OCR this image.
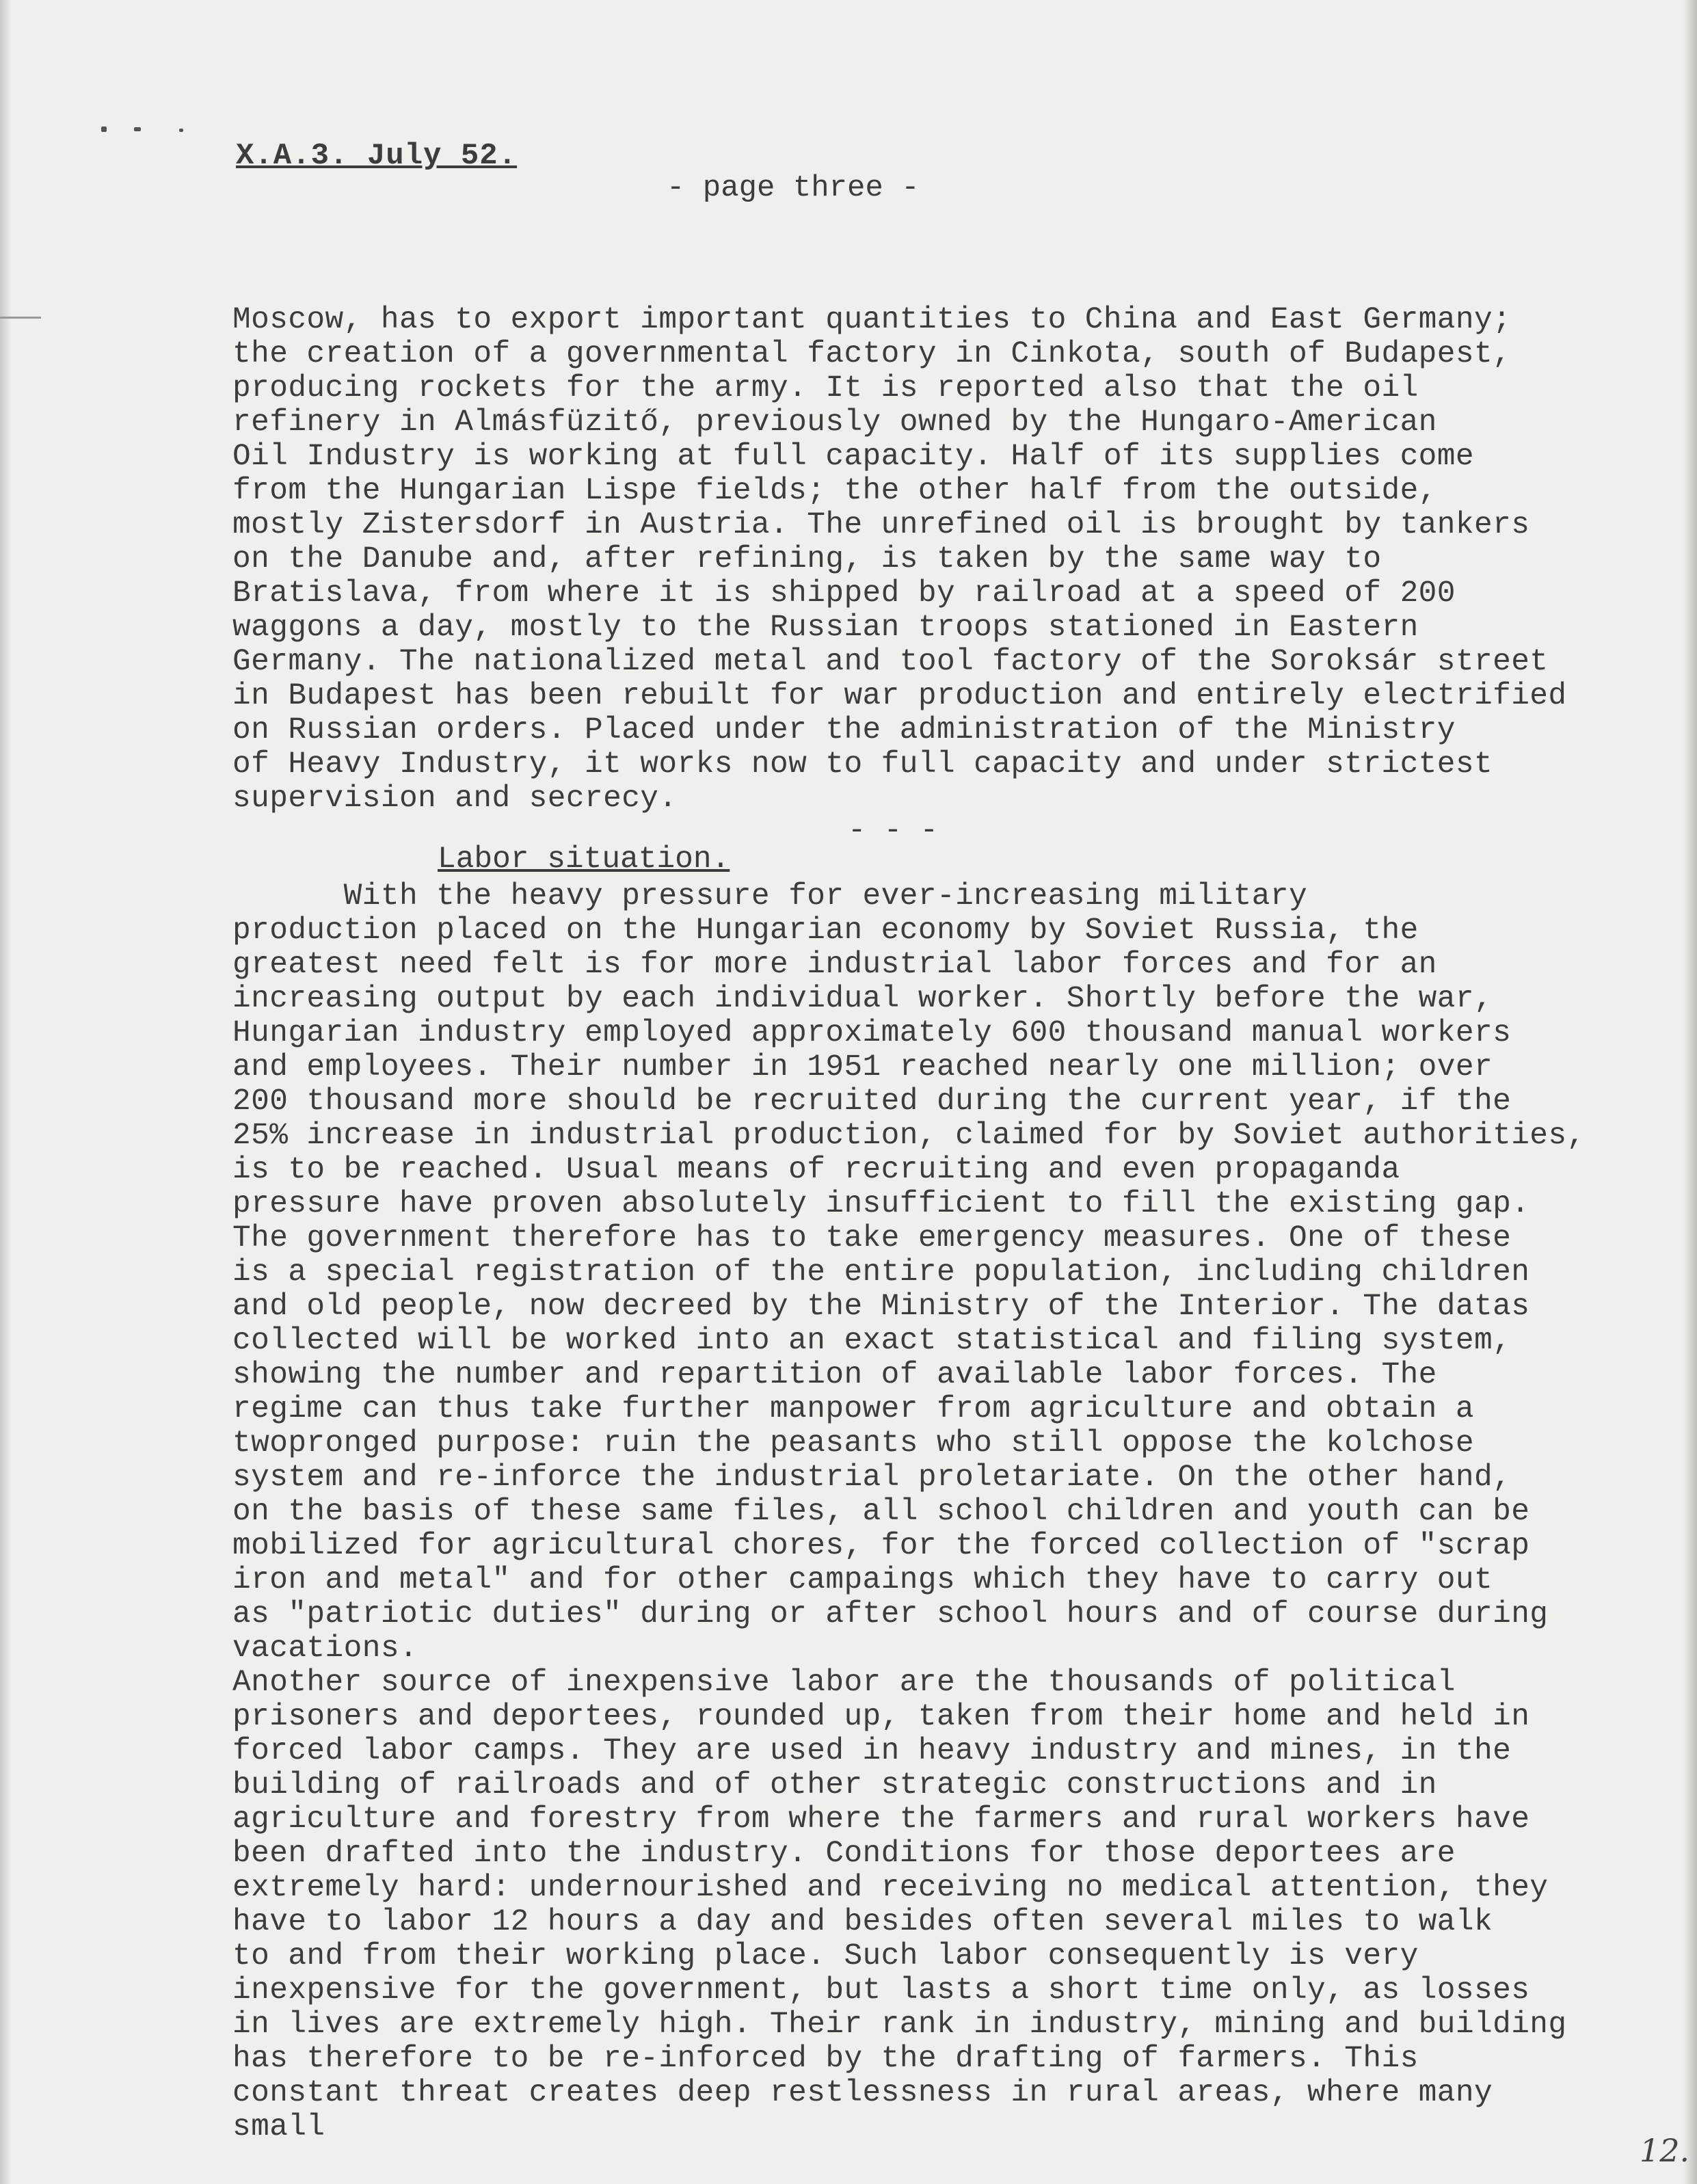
X.A.3. July 52.
- page three -
Moscow, has to export important quantities to China and East Germany;
the creation of a governmental factory in Cinkota, south of Budapest,
producing rockets for the army. It is reported also that the oil
refinery in Almásfüzitő, previously owned by the Hungaro-American
Oil Industry is working at full capacity. Half of its supplies come
from the Hungarian Lispe fields; the other half from the outside,
mostly Zistersdorf in Austria. The unrefined oil is brought by tankers
on the Danube and, after refining, is taken by the same way to
Bratislava, from where it is shipped by railroad at a speed of 200
waggons a day, mostly to the Russian troops stationed in Eastern
Germany. The nationalized metal and tool factory of the Soroksár street
in Budapest has been rebuilt for war production and entirely electrified
on Russian orders. Placed under the administration of the Ministry
of Heavy Industry, it works now to full capacity and under strictest
supervision and secrecy.
- - -
Labor situation.
With the heavy pressure for ever-increasing military
production placed on the Hungarian economy by Soviet Russia, the
greatest need felt is for more industrial labor forces and for an
increasing output by each individual worker. Shortly before the war,
Hungarian industry employed approximately 600 thousand manual workers
and employees. Their number in 1951 reached nearly one million; over
200 thousand more should be recruited during the current year, if the
25% increase in industrial production, claimed for by Soviet authorities,
is to be reached. Usual means of recruiting and even propaganda
pressure have proven absolutely insufficient to fill the existing gap.
The government therefore has to take emergency measures. One of these
is a special registration of the entire population, including children
and old people, now decreed by the Ministry of the Interior. The datas
collected will be worked into an exact statistical and filing system,
showing the number and repartition of available labor forces. The
regime can thus take further manpower from agriculture and obtain a
twopronged purpose: ruin the peasants who still oppose the kolchose
system and re-inforce the industrial proletariate. On the other hand,
on the basis of these same files, all school children and youth can be
mobilized for agricultural chores, for the forced collection of "scrap
iron and metal" and for other campaings which they have to carry out
as "patriotic duties" during or after school hours and of course during
vacations.
Another source of inexpensive labor are the thousands of political
prisoners and deportees, rounded up, taken from their home and held in
forced labor camps. They are used in heavy industry and mines, in the
building of railroads and of other strategic constructions and in
agriculture and forestry from where the farmers and rural workers have
been drafted into the industry. Conditions for those deportees are
extremely hard: undernourished and receiving no medical attention, they
have to labor 12 hours a day and besides often several miles to walk
to and from their working place. Such labor consequently is very
inexpensive for the government, but lasts a short time only, as losses
in lives are extremely high. Their rank in industry, mining and building
has therefore to be re-inforced by the drafting of farmers. This
constant threat creates deep restlessness in rural areas, where many
small
12.
